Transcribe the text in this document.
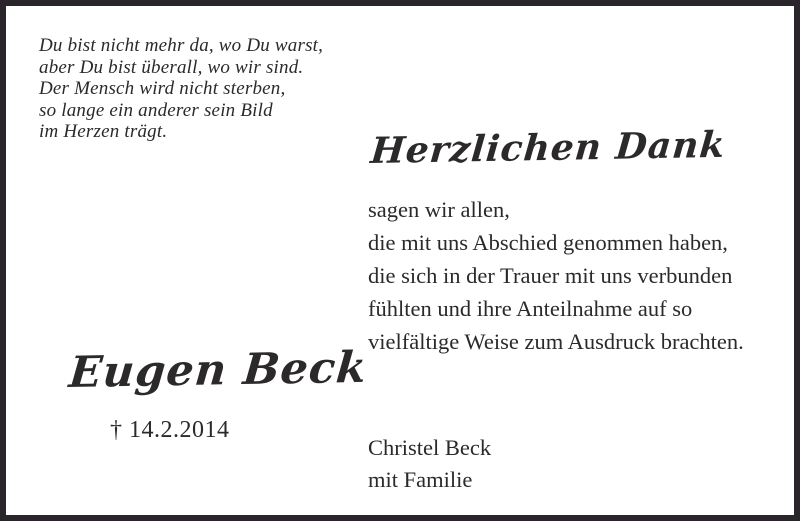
Du bist nicht mehr da, wo Du warst,
aber Du bist überall, wo wir sind.
Der Mensch wird nicht sterben,
so lange ein anderer sein Bild
im Herzen trägt.	Herzlichen Dank
sagen wir allen,
die mit uns Abschied genommen haben,
die sich in der Trauer mit uns verbunden
fühlten und ihre Anteilnahme auf so
vielfältige Weise zum Ausdruck brachten.
Eugen Beck
† 14.2.2014
Christel Beck
mit Familie
